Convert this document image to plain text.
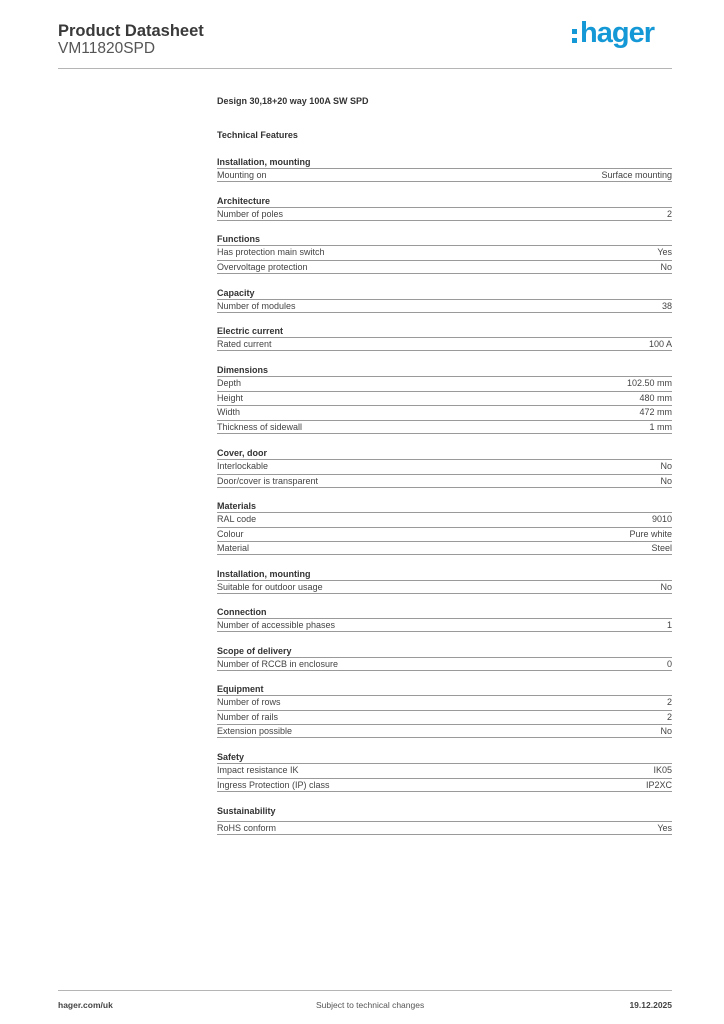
Product Datasheet
VM11820SPD	hager
Design 30,18+20 way 100A SW SPD
Technical Features
Installation, mounting
Mounting on	Surface mounting
Architecture
Number of poles	2
Functions
Has protection main switch	Yes
Overvoltage protection	No
Capacity
Number of modules	38
Electric current
Rated current	100 A
Dimensions
Depth	102.50 mm
Height	480 mm
Width	472 mm
Thickness of sidewall	1 mm
Cover, door
Interlockable	No
Door/cover is transparent	No
Materials
RAL code	9010
Colour	Pure white
Material	Steel
Installation, mounting
Suitable for outdoor usage	No
Connection
Number of accessible phases	1
Scope of delivery
Number of RCCB in enclosure	0
Equipment
Number of rows	2
Number of rails	2
Extension possible	No
Safety
Impact resistance IK	IK05
Ingress Protection (IP) class	IP2XC
Sustainability
RoHS conform	Yes
hager.com/uk	Subject to technical changes	19.12.2025
